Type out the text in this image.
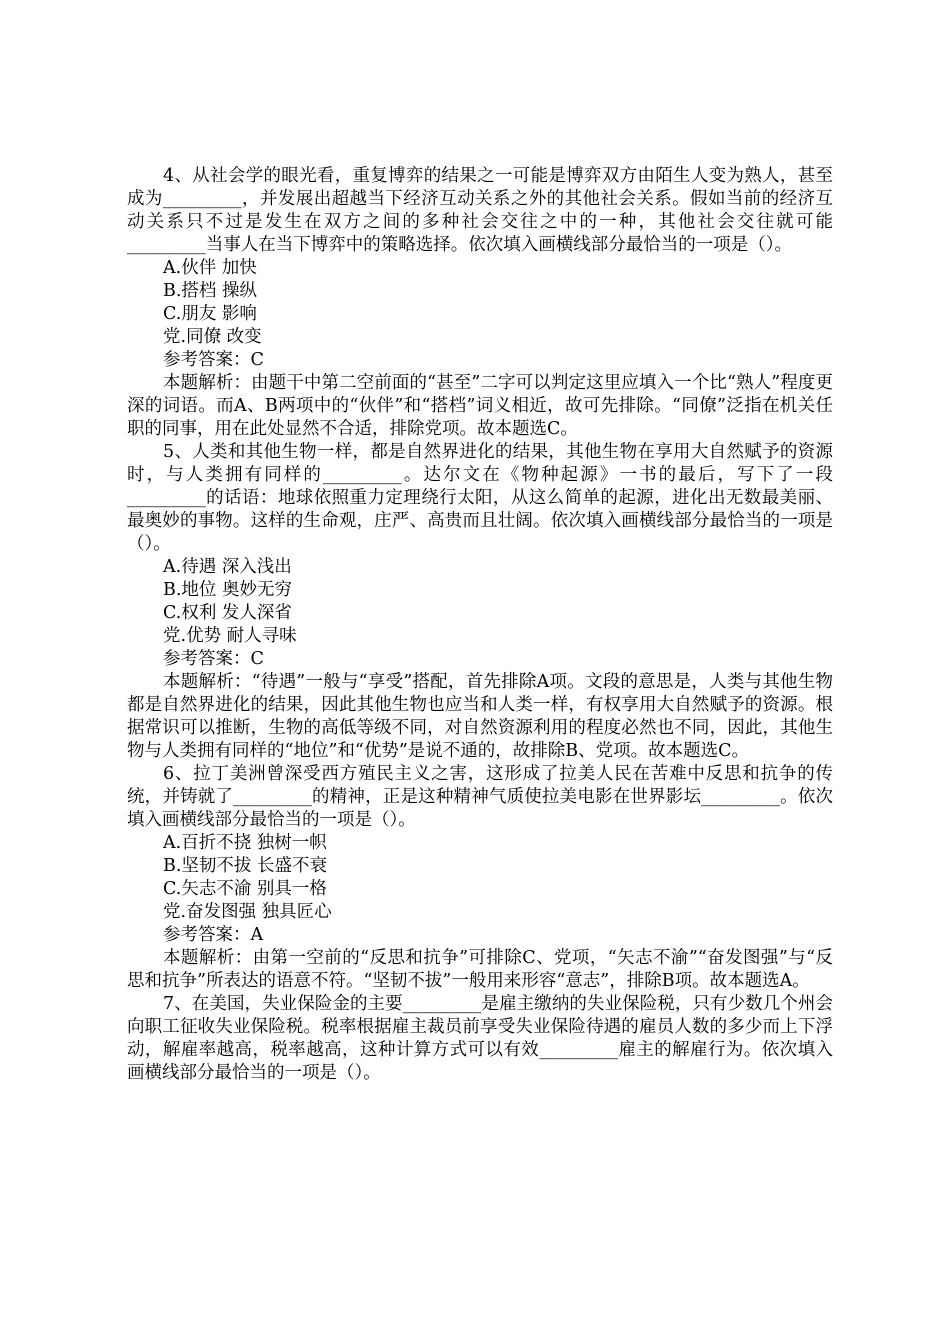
4、从社会学的眼光看，重复博弈的结果之一可能是博弈双方由陌生人变为熟人，甚至成为_________，并发展出超越当下经济互动关系之外的其他社会关系。假如当前的经济互动关系只不过是发生在双方之间的多种社会交往之中的一种，其他社会交往就可能_________当事人在当下博弈中的策略选择。依次填入画横线部分最恰当的一项是（）。

A.伙伴 加快

B.搭档 操纵

C.朋友 影响

党.同僚 改变

参考答案：C

本题解析：由题干中第二空前面的“甚至”二字可以判定这里应填入一个比“熟人”程度更深的词语。而A、B两项中的“伙伴”和“搭档”词义相近，故可先排除。“同僚”泛指在机关任职的同事，用在此处显然不合适，排除党项。故本题选C。

5、人类和其他生物一样，都是自然界进化的结果，其他生物在享用大自然赋予的资源时，与人类拥有同样的_________。达尔文在《物种起源》一书的最后，写下了一段_________的话语：地球依照重力定理绕行太阳，从这么简单的起源，进化出无数最美丽、最奥妙的事物。这样的生命观，庄严、高贵而且壮阔。依次填入画横线部分最恰当的一项是（）。

A.待遇 深入浅出

B.地位 奥妙无穷

C.权利 发人深省

党.优势 耐人寻味

参考答案：C

本题解析：“待遇”一般与“享受”搭配，首先排除A项。文段的意思是，人类与其他生物都是自然界进化的结果，因此其他生物也应当和人类一样，有权享用大自然赋予的资源。根据常识可以推断，生物的高低等级不同，对自然资源利用的程度必然也不同，因此，其他生物与人类拥有同样的“地位”和“优势”是说不通的，故排除B、党项。故本题选C。

6、拉丁美洲曾深受西方殖民主义之害，这形成了拉美人民在苦难中反思和抗争的传统，并铸就了_________的精神，正是这种精神气质使拉美电影在世界影坛_________。依次填入画横线部分最恰当的一项是（）。

A.百折不挠 独树一帜

B.坚韧不拔 长盛不衰

C.矢志不渝 别具一格

党.奋发图强 独具匠心

参考答案：A

本题解析：由第一空前的“反思和抗争”可排除C、党项，“矢志不渝”“奋发图强”与“反思和抗争”所表达的语意不符。“坚韧不拔”一般用来形容“意志”，排除B项。故本题选A。

7、在美国，失业保险金的主要_________是雇主缴纳的失业保险税，只有少数几个州会向职工征收失业保险税。税率根据雇主裁员前享受失业保险待遇的雇员人数的多少而上下浮动，解雇率越高，税率越高，这种计算方式可以有效_________雇主的解雇行为。依次填入画横线部分最恰当的一项是（）。
